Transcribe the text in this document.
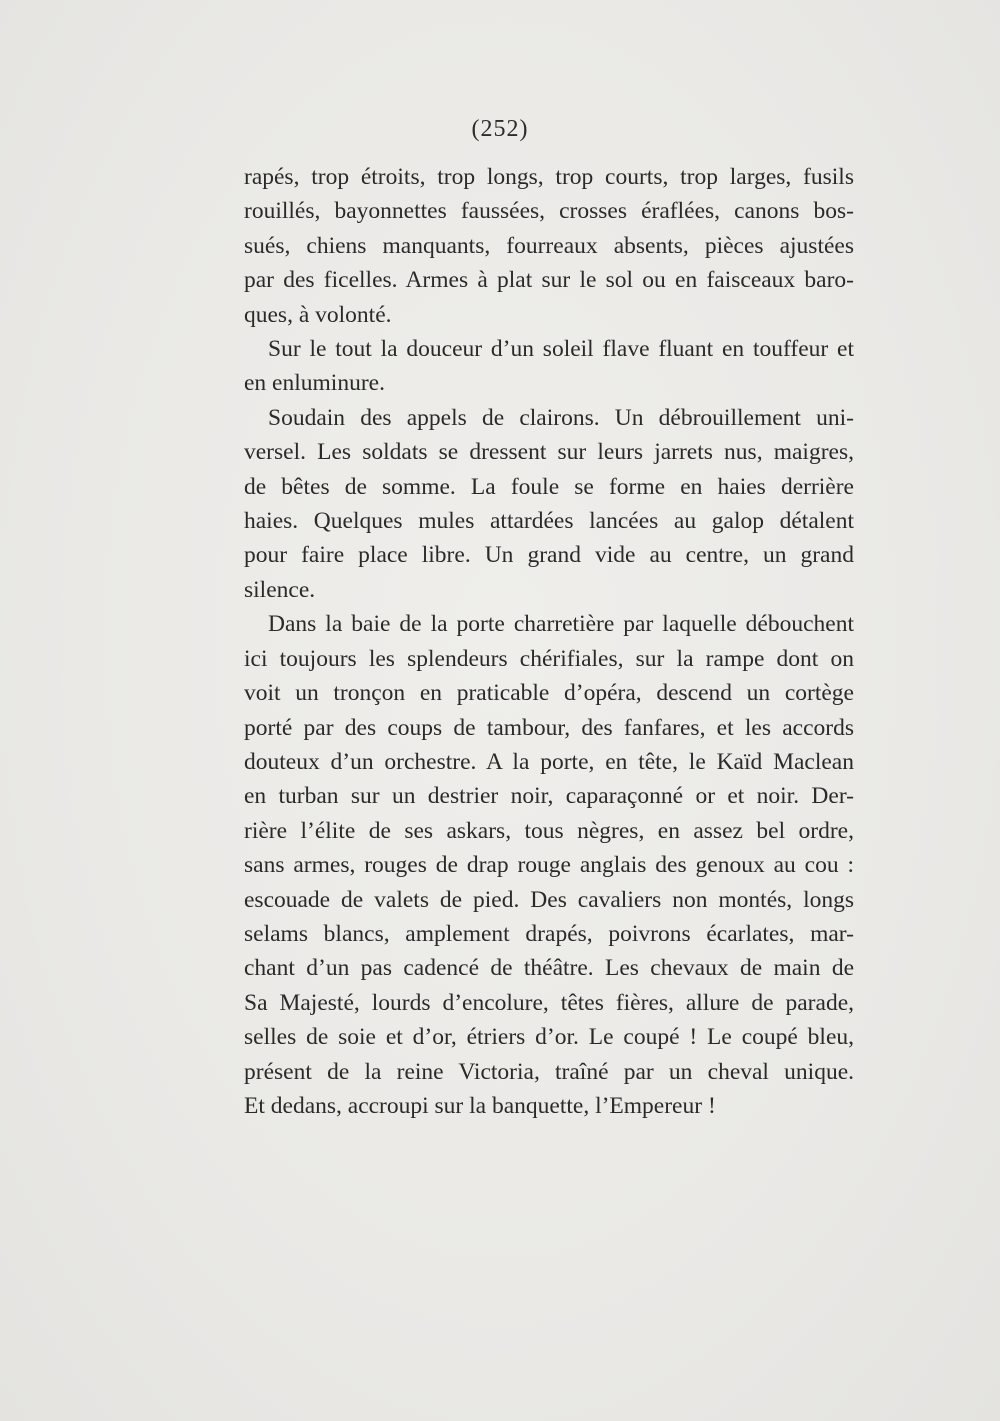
(252)

rapés, trop étroits, trop longs, trop courts, trop larges, fusils
rouillés, bayonnettes faussées, crosses éraflées, canons bos-
sués, chiens manquants, fourreaux absents, pièces ajustées
par des ficelles. Armes à plat sur le sol ou en faisceaux baro-
ques, à volonté.

Sur le tout la douceur d’un soleil flave fluant en touffeur et
en enluminure.

Soudain des appels de clairons. Un débrouillement uni-
versel. Les soldats se dressent sur leurs jarrets nus, maigres,
de bêtes de somme. La foule se forme en haies derrière
haies. Quelques mules attardées lancées au galop détalent
pour faire place libre. Un grand vide au centre, un grand
silence.

Dans la baie de la porte charretière par laquelle débouchent
ici toujours les splendeurs chérifiales, sur la rampe dont on
voit un tronçon en praticable d’opéra, descend un cortège
porté par des coups de tambour, des fanfares, et les accords
douteux d’un orchestre. A la porte, en tête, le Kaïd Maclean
en turban sur un destrier noir, caparaçonné or et noir. Der-
rière l’élite de ses askars, tous nègres, en assez bel ordre,
sans armes, rouges de drap rouge anglais des genoux au cou :
escouade de valets de pied. Des cavaliers non montés, longs
selams blancs, amplement drapés, poivrons écarlates, mar-
chant d’un pas cadencé de théâtre. Les chevaux de main de
Sa Majesté, lourds d’encolure, têtes fières, allure de parade,
selles de soie et d’or, étriers d’or. Le coupé ! Le coupé bleu,
présent de la reine Victoria, traîné par un cheval unique.
Et dedans, accroupi sur la banquette, l’Empereur !
